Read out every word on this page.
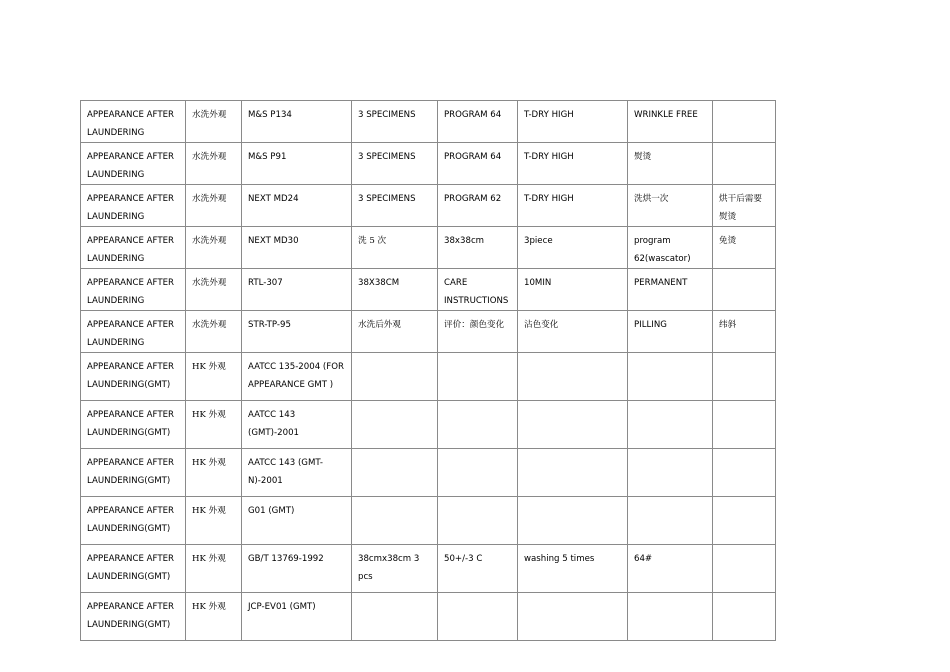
APPEARANCE AFTER LAUNDERING	水洗外观	M&S P134	3 SPECIMENS	PROGRAM 64	T-DRY HIGH	WRINKLE FREE	
APPEARANCE AFTER LAUNDERING	水洗外观	M&S P91	3 SPECIMENS	PROGRAM 64	T-DRY HIGH	熨烫	
APPEARANCE AFTER LAUNDERING	水洗外观	NEXT MD24	3 SPECIMENS	PROGRAM 62	T-DRY HIGH	洗烘一次	烘干后需要熨烫
APPEARANCE AFTER LAUNDERING	水洗外观	NEXT MD30	洗 5 次	38x38cm	3piece	program 62(wascator)	免烫
APPEARANCE AFTER LAUNDERING	水洗外观	RTL-307	38X38CM	CARE INSTRUCTIONS	10MIN	PERMANENT	
APPEARANCE AFTER LAUNDERING	水洗外观	STR-TP-95	水洗后外观	评价：颜色变化	沾色变化	PILLING	纬斜
APPEARANCE AFTER LAUNDERING(GMT)	HK 外观	AATCC 135-2004 (FOR APPEARANCE GMT )					
APPEARANCE AFTER LAUNDERING(GMT)	HK 外观	AATCC 143 (GMT)-2001					
APPEARANCE AFTER LAUNDERING(GMT)	HK 外观	AATCC 143 (GMT-N)-2001					
APPEARANCE AFTER LAUNDERING(GMT)	HK 外观	G01 (GMT)					
APPEARANCE AFTER LAUNDERING(GMT)	HK 外观	GB/T 13769-1992	38cmx38cm 3 pcs	50+/-3 C	washing 5 times	64#	
APPEARANCE AFTER LAUNDERING(GMT)	HK 外观	JCP-EV01 (GMT)					
